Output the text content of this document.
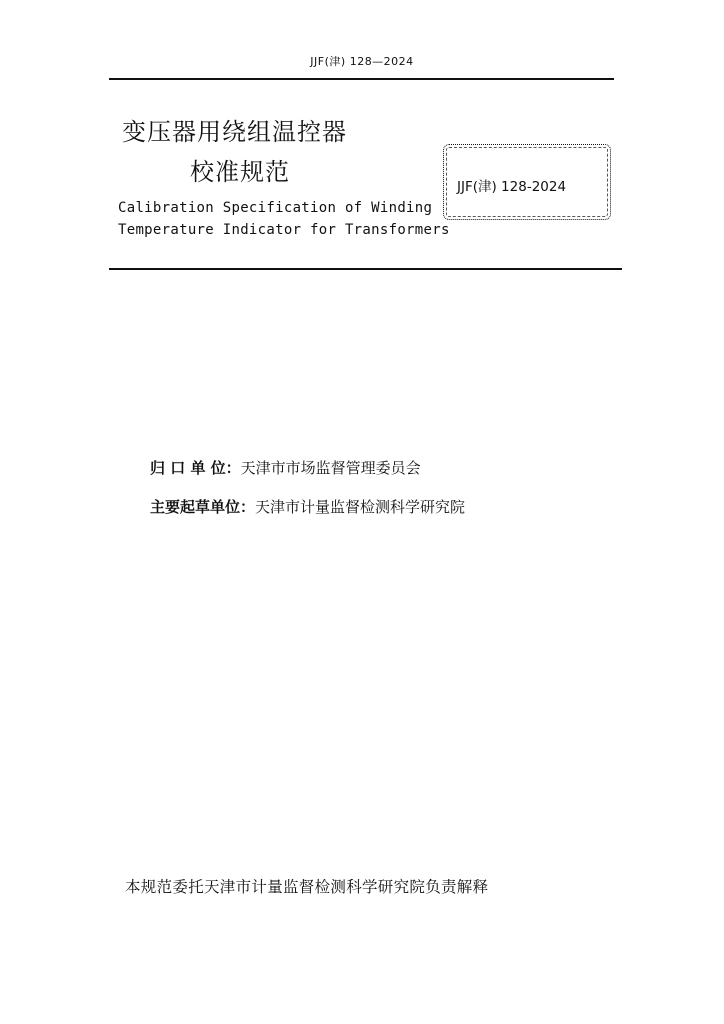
JJF(津) 128—2024
变压器用绕组温控器
校准规范
Calibration Specification of Winding
Temperature Indicator for Transformers
JJF(津) 128-2024
归 口 单 位：天津市市场监督管理委员会
主要起草单位：天津市计量监督检测科学研究院
本规范委托天津市计量监督检测科学研究院负责解释
